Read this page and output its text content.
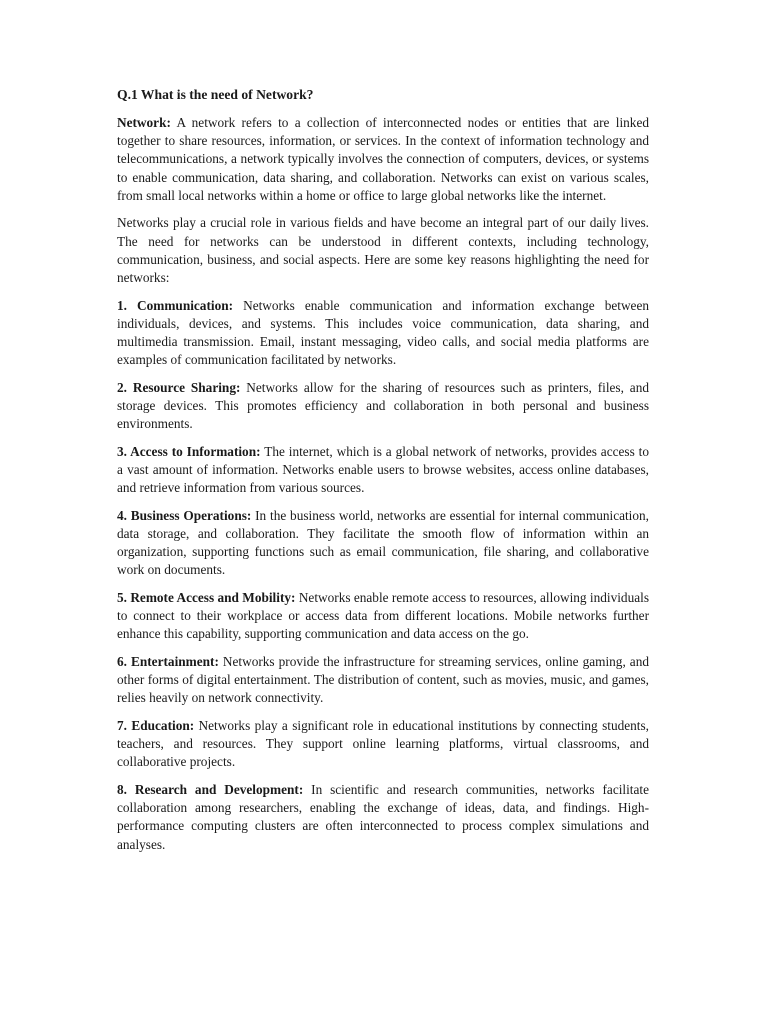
Q.1 What is the need of Network?

Network: A network refers to a collection of interconnected nodes or entities that are linked together to share resources, information, or services. In the context of information technology and telecommunications, a network typically involves the connection of computers, devices, or systems to enable communication, data sharing, and collaboration. Networks can exist on various scales, from small local networks within a home or office to large global networks like the internet.

Networks play a crucial role in various fields and have become an integral part of our daily lives. The need for networks can be understood in different contexts, including technology, communication, business, and social aspects. Here are some key reasons highlighting the need for networks:

1. Communication: Networks enable communication and information exchange between individuals, devices, and systems. This includes voice communication, data sharing, and multimedia transmission. Email, instant messaging, video calls, and social media platforms are examples of communication facilitated by networks.

2. Resource Sharing: Networks allow for the sharing of resources such as printers, files, and storage devices. This promotes efficiency and collaboration in both personal and business environments.

3. Access to Information: The internet, which is a global network of networks, provides access to a vast amount of information. Networks enable users to browse websites, access online databases, and retrieve information from various sources.

4. Business Operations: In the business world, networks are essential for internal communication, data storage, and collaboration. They facilitate the smooth flow of information within an organization, supporting functions such as email communication, file sharing, and collaborative work on documents.

5. Remote Access and Mobility: Networks enable remote access to resources, allowing individuals to connect to their workplace or access data from different locations. Mobile networks further enhance this capability, supporting communication and data access on the go.

6. Entertainment: Networks provide the infrastructure for streaming services, online gaming, and other forms of digital entertainment. The distribution of content, such as movies, music, and games, relies heavily on network connectivity.

7. Education: Networks play a significant role in educational institutions by connecting students, teachers, and resources. They support online learning platforms, virtual classrooms, and collaborative projects.

8. Research and Development: In scientific and research communities, networks facilitate collaboration among researchers, enabling the exchange of ideas, data, and findings. High-performance computing clusters are often interconnected to process complex simulations and analyses.
